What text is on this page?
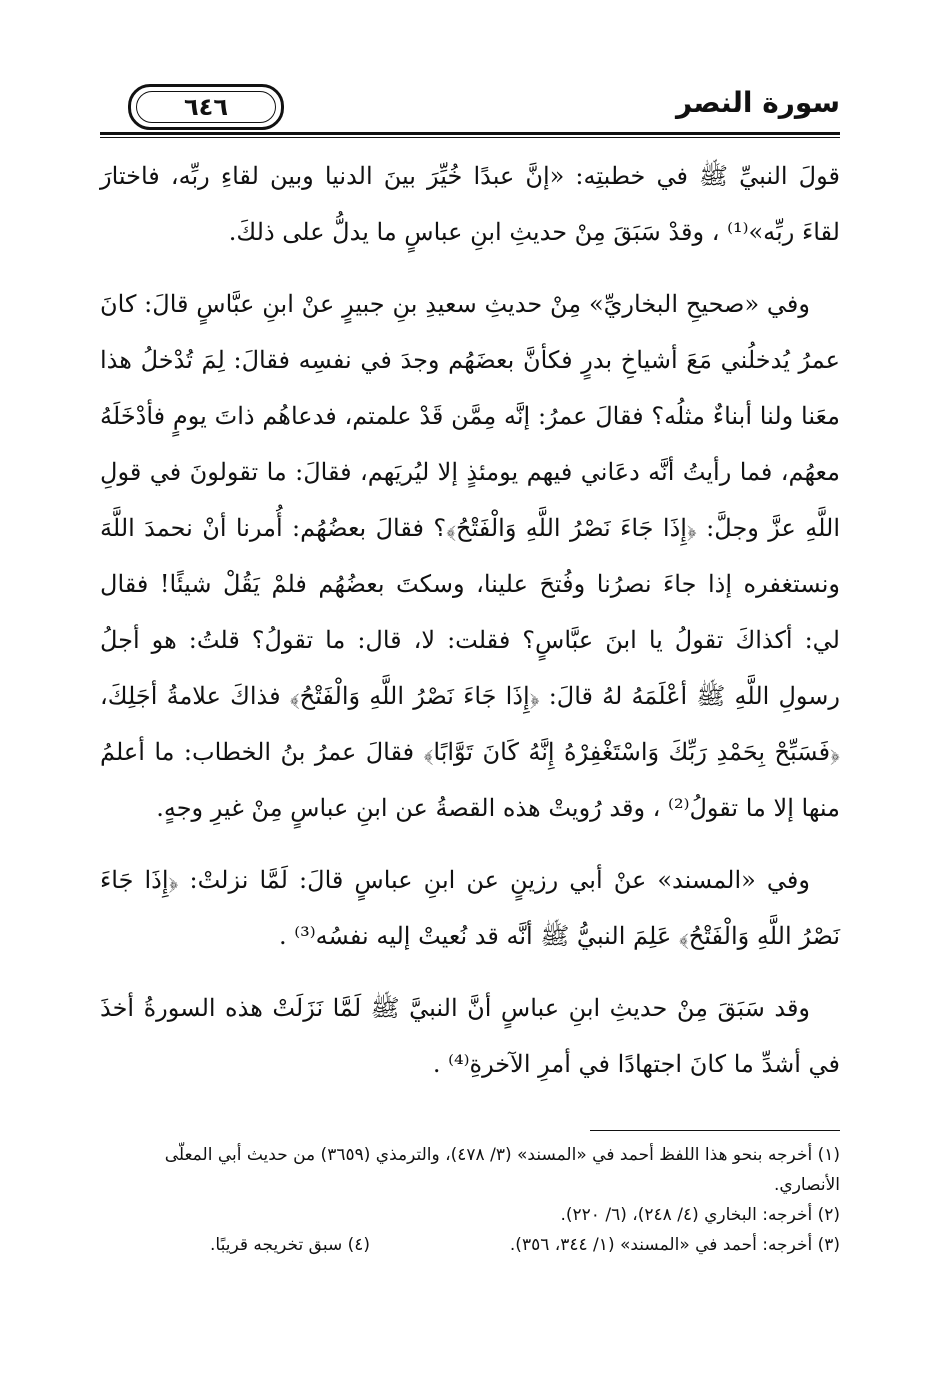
٦٤٦	سورة النصر

قولَ النبيِّ ﷺ في خطبتِه: «إنَّ عبدًا خُيِّرَ بينَ الدنيا وبين لقاءِ ربِّه، فاختارَ لقاءَ ربِّه»⁽¹⁾ ، وقدْ سَبَقَ مِنْ حديثِ ابنِ عباسٍ ما يدلُّ على ذلكَ.

وفي «صحيحِ البخاريِّ» مِنْ حديثِ سعيدِ بنِ جبيرٍ عنْ ابنِ عبَّاسٍ قالَ: كانَ عمرُ يُدخلُني مَعَ أشياخِ بدرٍ فكأنَّ بعضَهُم وجدَ في نفسِه فقالَ: لِمَ تُدْخلُ هذا معَنا ولنا أبناءٌ مثلُه؟ فقالَ عمرُ: إنَّه مِمَّن قَدْ علمتم، فدعاهُم ذاتَ يومٍ فأدْخَلَهُ معهُم، فما رأيتُ أنَّه دعَاني فيهم يومئذٍ إلا ليُريَهم، فقالَ: ما تقولونَ في قولِ اللَّهِ عزَّ وجلَّ: ﴿إِذَا جَاءَ نَصْرُ اللَّهِ وَالْفَتْحُ﴾؟ فقالَ بعضُهُم: أُمرنا أنْ نحمدَ اللَّهَ ونستغفره إذا جاءَ نصرُنا وفُتحَ علينا، وسكتَ بعضُهُم فلمْ يَقُلْ شيئًا! فقال لي: أكذاكَ تقولُ يا ابنَ عبَّاسٍ؟ فقلت: لا، قال: ما تقولُ؟ قلتُ: هو أجلُ رسولِ اللَّهِ ﷺ أعْلَمَهُ لهُ قالَ: ﴿إِذَا جَاءَ نَصْرُ اللَّهِ وَالْفَتْحُ﴾ فذاكَ علامةُ أجَلِكَ، ﴿فَسَبِّحْ بِحَمْدِ رَبِّكَ وَاسْتَغْفِرْهُ إِنَّهُ كَانَ تَوَّابًا﴾ فقالَ عمرُ بنُ الخطاب: ما أعلمُ منها إلا ما تقولُ⁽²⁾ ، وقد رُويتْ هذه القصةُ عن ابنِ عباسٍ مِنْ غيرِ وجهٍ.

وفي «المسند» عنْ أبي رزينٍ عن ابنِ عباسٍ قالَ: لَمَّا نزلتْ: ﴿إِذَا جَاءَ نَصْرُ اللَّهِ وَالْفَتْحُ﴾ عَلِمَ النبيُّ ﷺ أنَّه قد نُعيتْ إليه نفسُه⁽³⁾ .

وقد سَبَقَ مِنْ حديثِ ابنِ عباسٍ أنَّ النبيَّ ﷺ لَمَّا نَزَلَتْ هذه السورةُ أخذَ في أشدِّ ما كانَ اجتهادًا في أمرِ الآخرةِ⁽⁴⁾ .

(١) أخرجه بنحو هذا اللفظ أحمد في «المسند» (٣/ ٤٧٨)، والترمذي (٣٦٥٩) من حديث أبي المعلّى الأنصاري.

(٢) أخرجه: البخاري (٤/ ٢٤٨)، (٦/ ٢٢٠).

(٣) أخرجه: أحمد في «المسند» (١/ ٣٤٤، ٣٥٦).
(٤) سبق تخريجه قريبًا.
